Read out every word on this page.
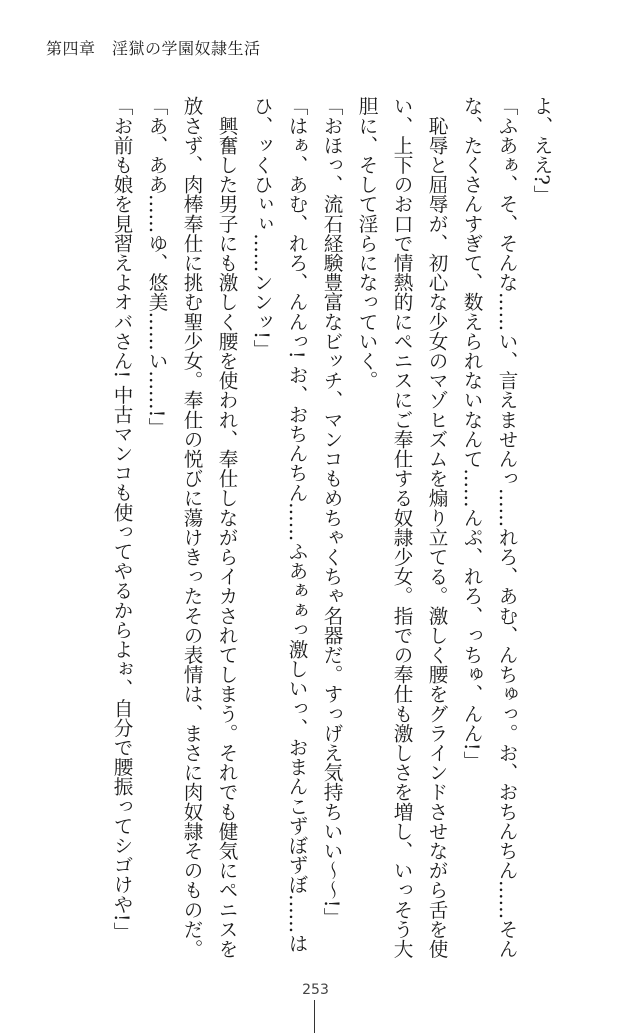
第四章　淫獄の学園奴隷生活

よ、ええ?」

「ふあぁ、そ、そんな……い、言えませんっ……れろ、あむ、んちゅっ。お、おちんちん……そんな、たくさんすぎて、数えられないなんて……んぷ、れろ、っちゅ、んん!」

　恥辱と屈辱が、初心な少女のマゾヒズムを煽り立てる。激しく腰をグラインドさせながら舌を使い、上下のお口で情熱的にペニスにご奉仕する奴隷少女。指での奉仕も激しさを増し、いっそう大胆に、そして淫らになっていく。

「おほっ、流石経験豊富なビッチ、マンコもめちゃくちゃ名器だ。すっげえ気持ちいい〜〜!」

「はぁ、あむ、れろ、んんっ! お、おちんちん……ふあぁぁっ激しいっ、おまんこずぼずぼ……はひ、ッくひぃぃ……ンンッ!」

　興奮した男子にも激しく腰を使われ、奉仕しながらイカされてしまう。それでも健気にペニスを放さず、肉棒奉仕に挑む聖少女。奉仕の悦びに蕩けきったその表情は、まさに肉奴隷そのものだ。

「あ、ああ……ゆ、悠美……い……!」

「お前も娘を見習えよオバさん! 中古マンコも使ってやるからよぉ、自分で腰振ってシゴけや!」

253
